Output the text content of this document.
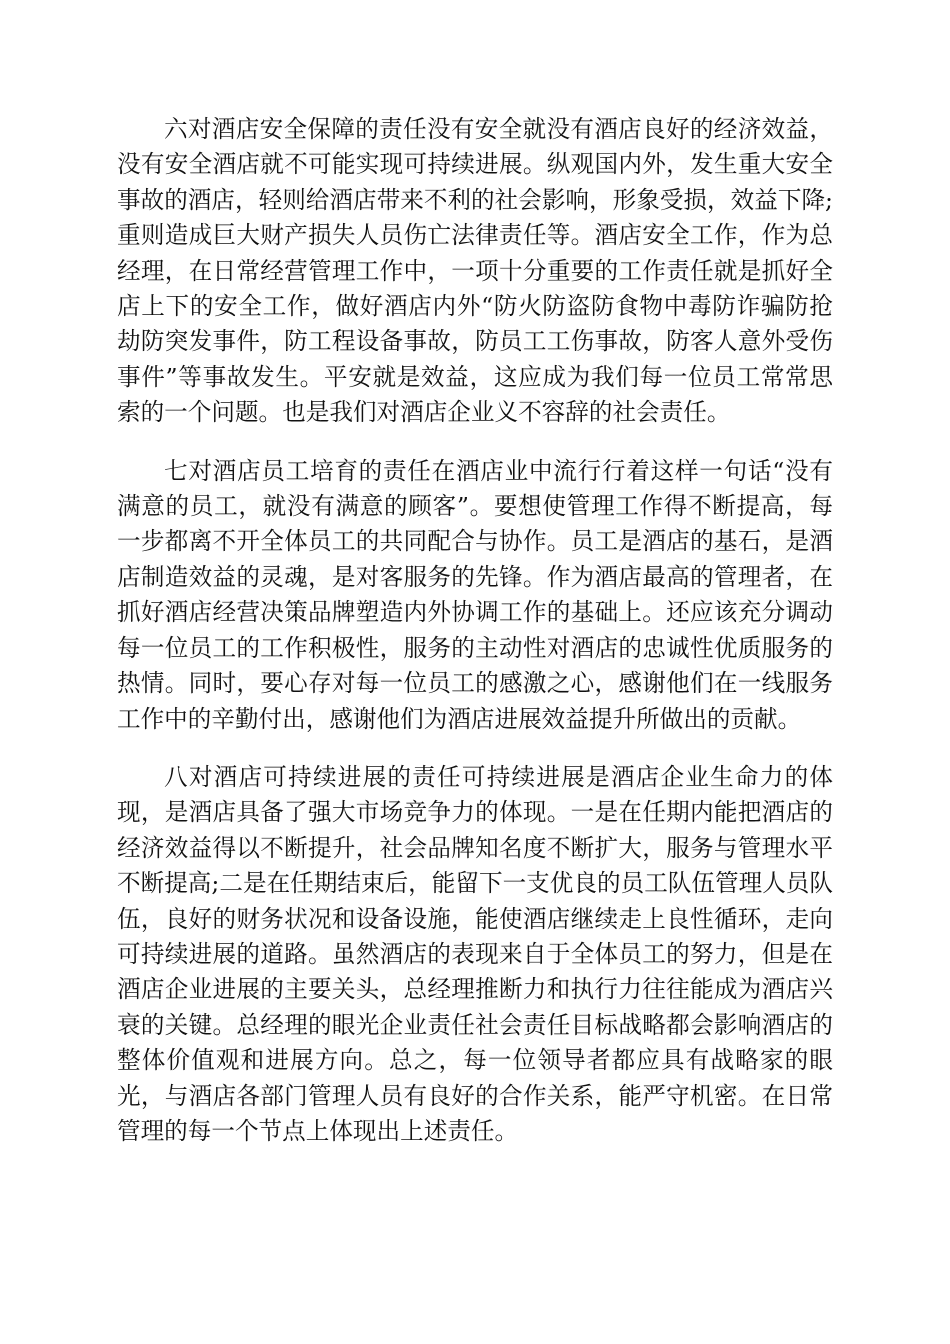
六对酒店安全保障的责任没有安全就没有酒店良好的经济效益，没有安全酒店就不可能实现可持续进展。纵观国内外，发生重大安全事故的酒店，轻则给酒店带来不利的社会影响，形象受损，效益下降;重则造成巨大财产损失人员伤亡法律责任等。酒店安全工作，作为总经理，在日常经营管理工作中，一项十分重要的工作责任就是抓好全店上下的安全工作，做好酒店内外“防火防盗防食物中毒防诈骗防抢劫防突发事件，防工程设备事故，防员工工伤事故，防客人意外受伤事件”等事故发生。平安就是效益，这应成为我们每一位员工常常思索的一个问题。也是我们对酒店企业义不容辞的社会责任。

七对酒店员工培育的责任在酒店业中流行行着这样一句话“没有满意的员工，就没有满意的顾客”。要想使管理工作得不断提高，每一步都离不开全体员工的共同配合与协作。员工是酒店的基石，是酒店制造效益的灵魂，是对客服务的先锋。作为酒店最高的管理者，在抓好酒店经营决策品牌塑造内外协调工作的基础上。还应该充分调动每一位员工的工作积极性，服务的主动性对酒店的忠诚性优质服务的热情。同时，要心存对每一位员工的感激之心，感谢他们在一线服务工作中的辛勤付出，感谢他们为酒店进展效益提升所做出的贡献。

八对酒店可持续进展的责任可持续进展是酒店企业生命力的体现，是酒店具备了强大市场竞争力的体现。一是在任期内能把酒店的经济效益得以不断提升，社会品牌知名度不断扩大，服务与管理水平不断提高;二是在任期结束后，能留下一支优良的员工队伍管理人员队伍，良好的财务状况和设备设施，能使酒店继续走上良性循环，走向可持续进展的道路。虽然酒店的表现来自于全体员工的努力，但是在酒店企业进展的主要关头，总经理推断力和执行力往往能成为酒店兴衰的关键。总经理的眼光企业责任社会责任目标战略都会影响酒店的整体价值观和进展方向。总之，每一位领导者都应具有战略家的眼光，与酒店各部门管理人员有良好的合作关系，能严守机密。在日常管理的每一个节点上体现出上述责任。
